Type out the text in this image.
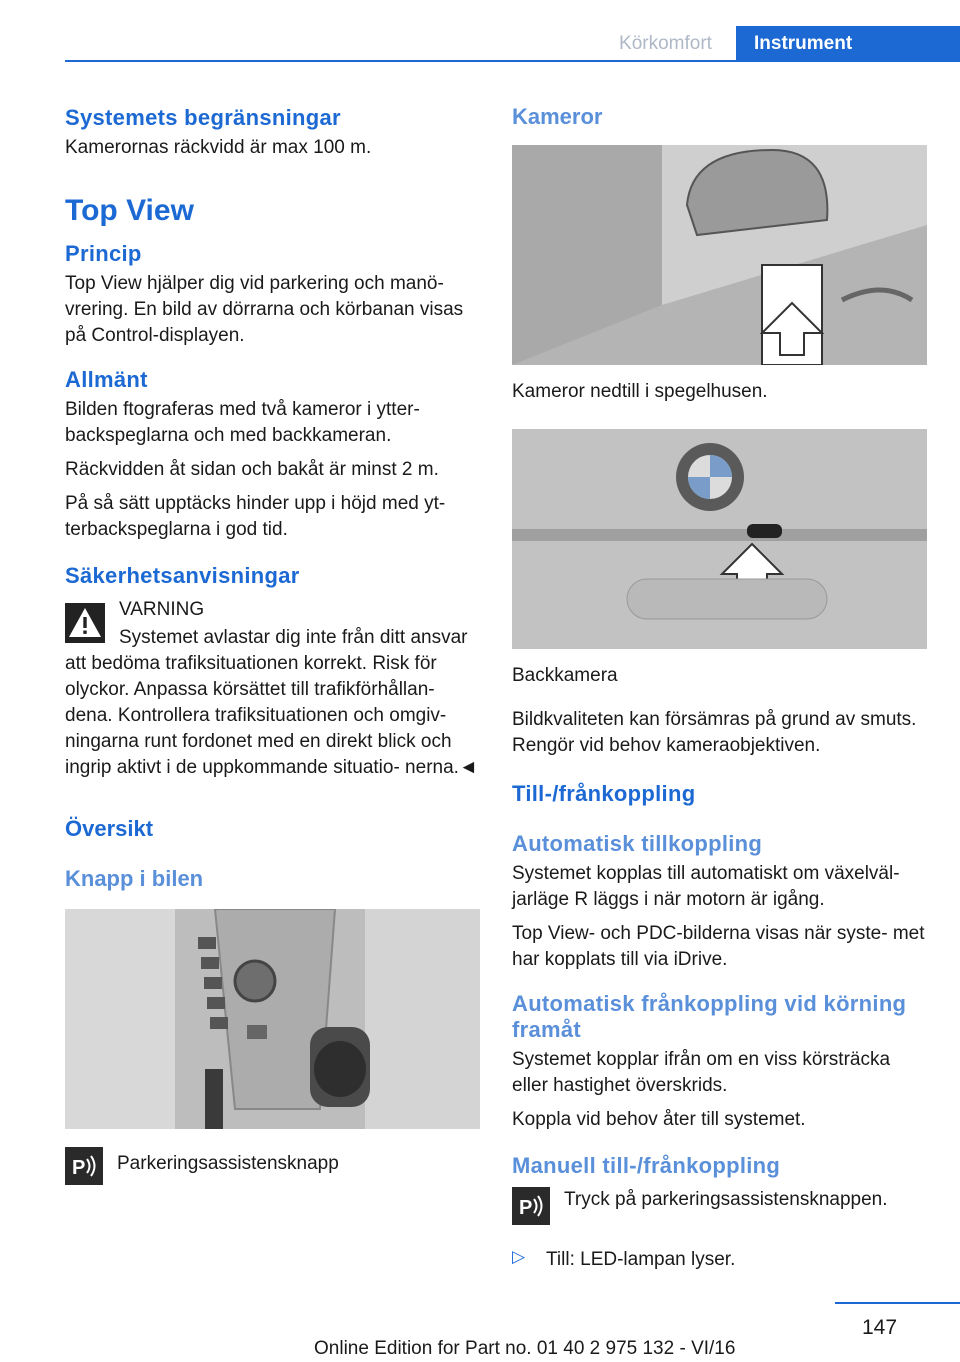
Körkomfort	Instrument
Systemets begränsningar

Kamerornas räckvidd är max 100 m.

Top View
Princip

Top View hjälper dig vid parkering och manö- vrering. En bild av dörrarna och körbanan visas på Control-displayen.

Allmänt

Bilden ftograferas med två kameror i ytter- backspeglarna och med backkameran.

Räckvidden åt sidan och bakåt är minst 2 m.

På så sätt upptäcks hinder upp i höjd med yt- terbackspeglarna i god tid.

Säkerhetsanvisningar

VARNING

Systemet avlastar dig inte från ditt ansvar att bedöma trafiksituationen korrekt. Risk för olyckor. Anpassa körsättet till trafikförhållan- dena. Kontrollera trafiksituationen och omgiv- ningarna runt fordonet med en direkt blick och ingrip aktivt i de uppkommande situatio- nerna.◄

Översikt
Knapp i bilen
P Parkeringsassistensknapp

Kameror

Kameror nedtill i spegelhusen.

Backkamera

Bildkvaliteten kan försämras på grund av smuts. Rengör vid behov kameraobjektiven.

Till-/frånkoppling
Automatisk tillkoppling

Systemet kopplas till automatiskt om växelväl- jarläge R läggs i när motorn är igång.

Top View- och PDC-bilderna visas när syste- met har kopplats till via iDrive.

Automatisk frånkoppling vid körning framåt

Systemet kopplar ifrån om en viss körsträcka eller hastighet överskrids.

Koppla vid behov åter till systemet.

Manuell till-/frånkoppling
P Tryck på parkeringsassistensknappen.

▷ Till: LED-lampan lyser.

147
Online Edition for Part no. 01 40 2 975 132 - VI/16
